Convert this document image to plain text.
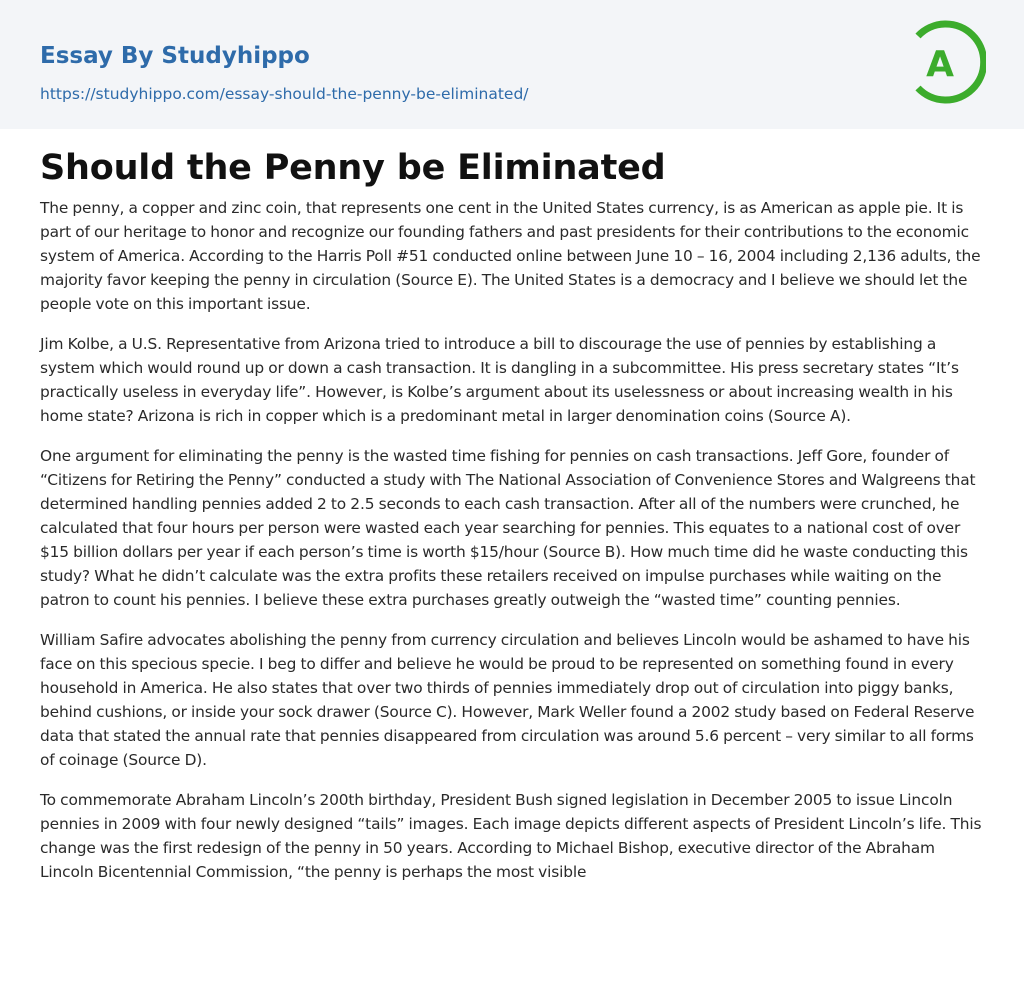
Essay By Studyhippo
https://studyhippo.com/essay-should-the-penny-be-eliminated/
A
Should the Penny be Eliminated

The penny, a copper and zinc coin, that represents one cent in the United States currency, is as American as apple pie. It is part of our heritage to honor and recognize our founding fathers and past presidents for their contributions to the economic system of America. According to the Harris Poll #51 conducted online between June 10 – 16, 2004 including 2,136 adults, the majority favor keeping the penny in circulation (Source E). The United States is a democracy and I believe we should let the people vote on this important issue.

Jim Kolbe, a U.S. Representative from Arizona tried to introduce a bill to discourage the use of pennies by establishing a system which would round up or down a cash transaction. It is dangling in a subcommittee. His press secretary states “It’s practically useless in everyday life”. However, is Kolbe’s argument about its uselessness or about increasing wealth in his home state? Arizona is rich in copper which is a predominant metal in larger denomination coins (Source A).

One argument for eliminating the penny is the wasted time fishing for pennies on cash transactions. Jeff Gore, founder of “Citizens for Retiring the Penny” conducted a study with The National Association of Convenience Stores and Walgreens that determined handling pennies added 2 to 2.5 seconds to each cash transaction. After all of the numbers were crunched, he calculated that four hours per person were wasted each year searching for pennies. This equates to a national cost of over $15 billion dollars per year if each person’s time is worth $15/hour (Source B). How much time did he waste conducting this study? What he didn’t calculate was the extra profits these retailers received on impulse purchases while waiting on the patron to count his pennies. I believe these extra purchases greatly outweigh the “wasted time” counting pennies.

William Safire advocates abolishing the penny from currency circulation and believes Lincoln would be ashamed to have his face on this specious specie. I beg to differ and believe he would be proud to be represented on something found in every household in America. He also states that over two thirds of pennies immediately drop out of circulation into piggy banks, behind cushions, or inside your sock drawer (Source C). However, Mark Weller found a 2002 study based on Federal Reserve data that stated the annual rate that pennies disappeared from circulation was around 5.6 percent – very similar to all forms of coinage (Source D).

To commemorate Abraham Lincoln’s 200th birthday, President Bush signed legislation in December 2005 to issue Lincoln pennies in 2009 with four newly designed “tails” images. Each image depicts different aspects of President Lincoln’s life. This change was the first redesign of the penny in 50 years. According to Michael Bishop, executive director of the Abraham Lincoln Bicentennial Commission, “the penny is perhaps the most visible
